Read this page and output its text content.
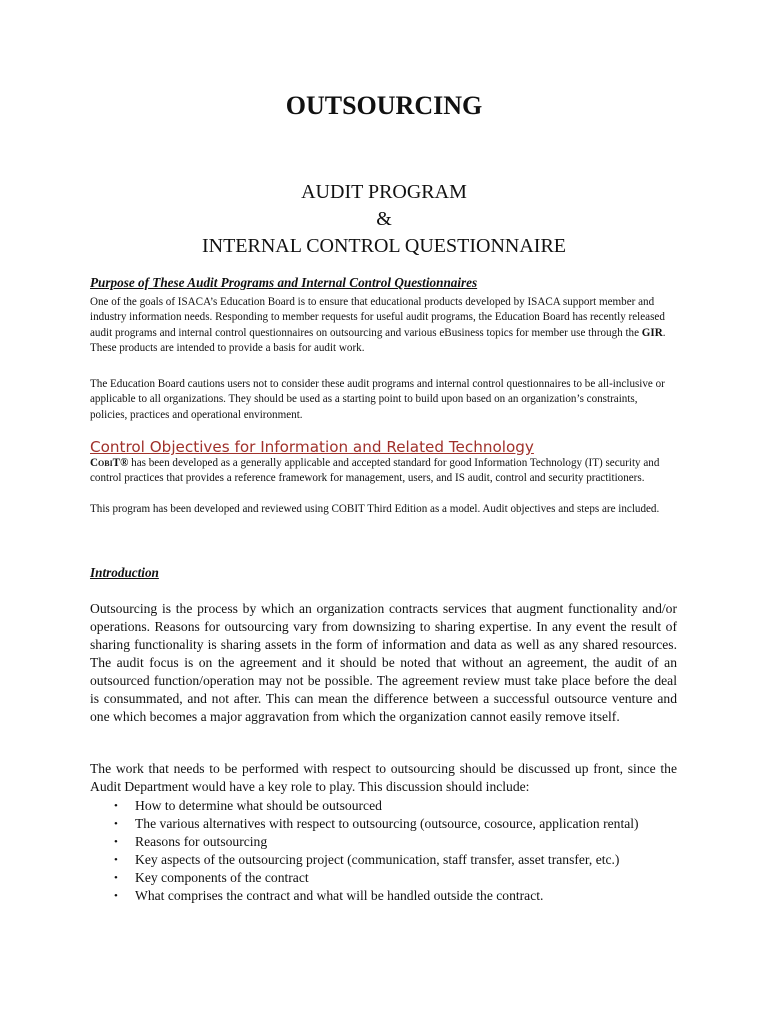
OUTSOURCING
AUDIT PROGRAM
&
INTERNAL CONTROL QUESTIONNAIRE

Purpose of These Audit Programs and Internal Control Questionnaires

One of the goals of ISACA’s Education Board is to ensure that educational products developed by ISACA support member and industry information needs. Responding to member requests for useful audit programs, the Education Board has recently released audit programs and internal control questionnaires on outsourcing and various eBusiness topics for member use through the GIR. These products are intended to provide a basis for audit work.

The Education Board cautions users not to consider these audit programs and internal control questionnaires to be all-inclusive or applicable to all organizations. They should be used as a starting point to build upon based on an organization’s constraints, policies, practices and operational environment.

Control Objectives for Information and Related Technology

CobiT® has been developed as a generally applicable and accepted standard for good Information Technology (IT) security and control practices that provides a reference framework for management, users, and IS audit, control and security practitioners.

This program has been developed and reviewed using COBIT Third Edition as a model. Audit objectives and steps are included.

Introduction

Outsourcing is the process by which an organization contracts services that augment functionality and/or operations. Reasons for outsourcing vary from downsizing to sharing expertise. In any event the result of sharing functionality is sharing assets in the form of information and data as well as any shared resources. The audit focus is on the agreement and it should be noted that without an agreement, the audit of an outsourced function/operation may not be possible. The agreement review must take place before the deal is consummated, and not after. This can mean the difference between a successful outsource venture and one which becomes a major aggravation from which the organization cannot easily remove itself.

The work that needs to be performed with respect to outsourcing should be discussed up front, since the Audit Department would have a key role to play. This discussion should include:

• How to determine what should be outsourced
• The various alternatives with respect to outsourcing (outsource, cosource, application rental)
• Reasons for outsourcing
• Key aspects of the outsourcing project (communication, staff transfer, asset transfer, etc.)
• Key components of the contract
• What comprises the contract and what will be handled outside the contract.
